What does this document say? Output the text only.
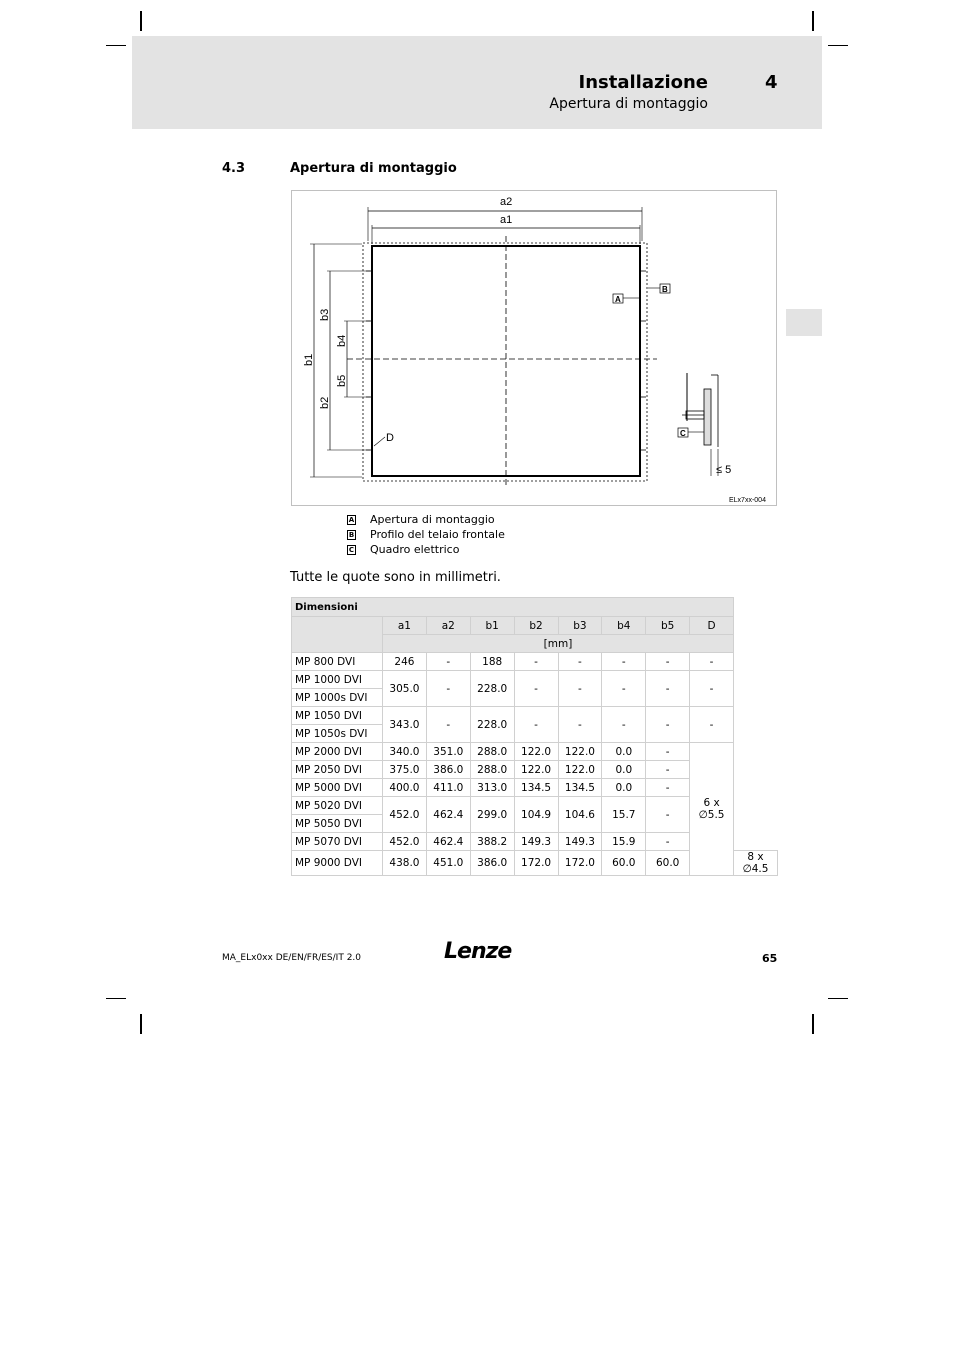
Installazione	4
Apertura di montaggio
4.3	Apertura di montaggio
a2
a1
b1
b2
b3
b4
b5
D
A
B
C
≤ 5
ELx7xx-004
A Apertura di montaggio
B Profilo del telaio frontale
C Quadro elettrico
Tutte le quote sono in millimetri.
Dimensioni									
	a1	a2	b1	b2	b3	b4	b5	D	
	[mm]								
MP 800 DVI	246	-	188	-	-	-	-	-	
MP 1000 DVI	305.0	-	228.0	-	-	-	-	-	
MP 1000s DVI									
MP 1050 DVI	343.0	-	228.0	-	-	-	-	-	
MP 1050s DVI									
MP 2000 DVI	340.0	351.0	288.0	122.0	122.0	0.0	-	6 x ∅5.5	
MP 2050 DVI	375.0	386.0	288.0	122.0	122.0	0.0	-		
MP 5000 DVI	400.0	411.0	313.0	134.5	134.5	0.0	-		
MP 5020 DVI	452.0	462.4	299.0	104.9	104.6	15.7	-		
MP 5050 DVI									
MP 5070 DVI	452.0	462.4	388.2	149.3	149.3	15.9	-		
MP 9000 DVI	438.0	451.0	386.0	172.0	172.0	60.0	60.0		8 x ∅4.5
MA_ELx0xx DE/EN/FR/ES/IT 2.0	Lenze	65
